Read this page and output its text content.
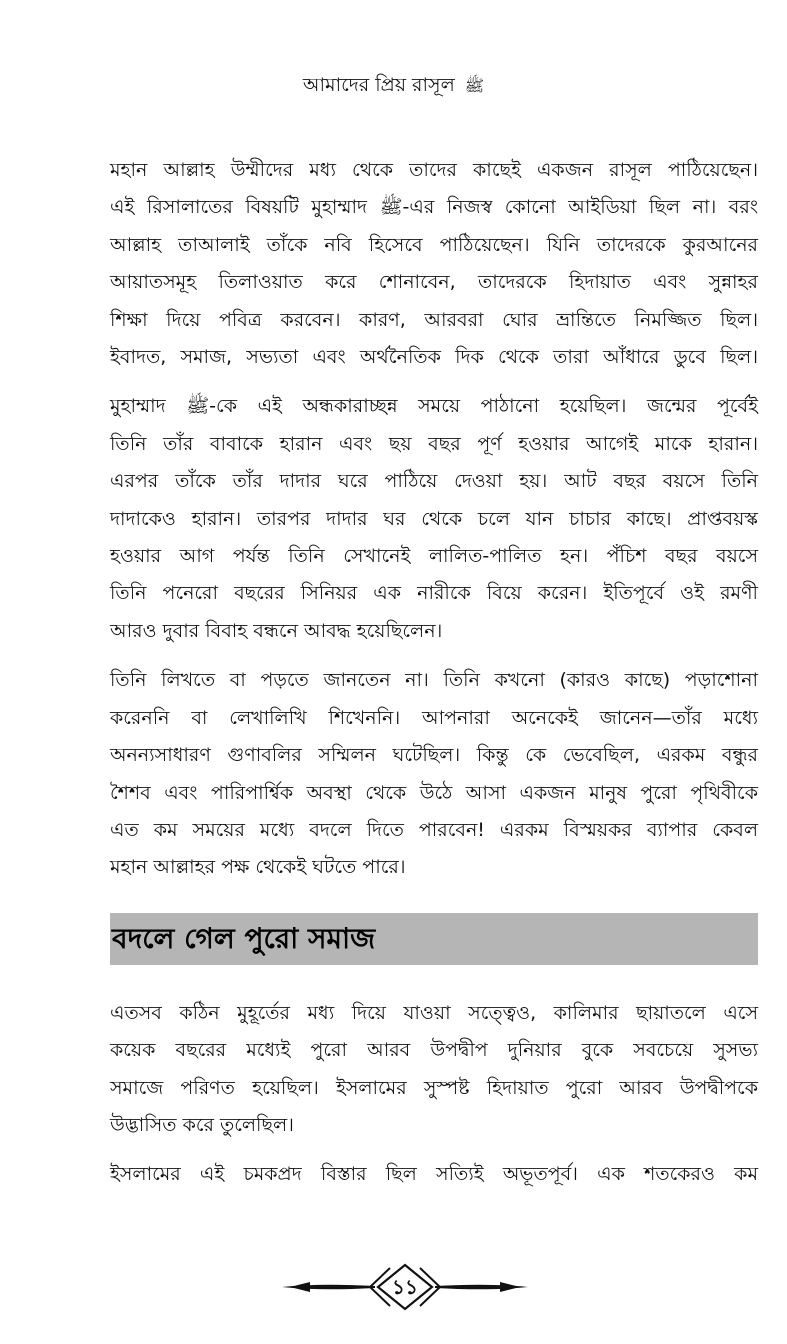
আমাদের প্রিয় রাসূল ﷺ

মহান আল্লাহ উম্মীদের মধ্য থেকে তাদের কাছেই একজন রাসূল পাঠিয়েছেন।
এই রিসালাতের বিষয়টি মুহাম্মাদ ﷺ-এর নিজস্ব কোনো আইডিয়া ছিল না। বরং
আল্লাহ তাআলাই তাঁকে নবি হিসেবে পাঠিয়েছেন। যিনি তাদেরকে কুরআনের
আয়াতসমূহ তিলাওয়াত করে শোনাবেন, তাদেরকে হিদায়াত এবং সুন্নাহর
শিক্ষা দিয়ে পবিত্র করবেন। কারণ, আরবরা ঘোর ভ্রান্তিতে নিমজ্জিত ছিল।
ইবাদত, সমাজ, সভ্যতা এবং অর্থনৈতিক দিক থেকে তারা আঁধারে ডুবে ছিল।

মুহাম্মাদ ﷺ-কে এই অন্ধকারাচ্ছন্ন সময়ে পাঠানো হয়েছিল। জন্মের পূর্বেই
তিনি তাঁর বাবাকে হারান এবং ছয় বছর পূর্ণ হওয়ার আগেই মাকে হারান।
এরপর তাঁকে তাঁর দাদার ঘরে পাঠিয়ে দেওয়া হয়। আট বছর বয়সে তিনি
দাদাকেও হারান। তারপর দাদার ঘর থেকে চলে যান চাচার কাছে। প্রাপ্তবয়স্ক
হওয়ার আগ পর্যন্ত তিনি সেখানেই লালিত-পালিত হন। পঁচিশ বছর বয়সে
তিনি পনেরো বছরের সিনিয়র এক নারীকে বিয়ে করেন। ইতিপূর্বে ওই রমণী
আরও দুবার বিবাহ বন্ধনে আবদ্ধ হয়েছিলেন।

তিনি লিখতে বা পড়তে জানতেন না। তিনি কখনো (কারও কাছে) পড়াশোনা
করেননি বা লেখালিখি শিখেননি। আপনারা অনেকেই জানেন—তাঁর মধ্যে
অনন্যসাধারণ গুণাবলির সম্মিলন ঘটেছিল। কিন্তু কে ভেবেছিল, এরকম বন্ধুর
শৈশব এবং পারিপার্শ্বিক অবস্থা থেকে উঠে আসা একজন মানুষ পুরো পৃথিবীকে
এত কম সময়ের মধ্যে বদলে দিতে পারবেন! এরকম বিস্ময়কর ব্যাপার কেবল
মহান আল্লাহর পক্ষ থেকেই ঘটতে পারে।

বদলে গেল পুরো সমাজ

এতসব কঠিন মুহূর্তের মধ্য দিয়ে যাওয়া সত্ত্বেও, কালিমার ছায়াতলে এসে
কয়েক বছরের মধ্যেই পুরো আরব উপদ্বীপ দুনিয়ার বুকে সবচেয়ে সুসভ্য
সমাজে পরিণত হয়েছিল। ইসলামের সুস্পষ্ট হিদায়াত পুরো আরব উপদ্বীপকে
উদ্ভাসিত করে তুলেছিল।

ইসলামের এই চমকপ্রদ বিস্তার ছিল সত্যিই অভূতপূর্ব। এক শতকেরও কম

১১
